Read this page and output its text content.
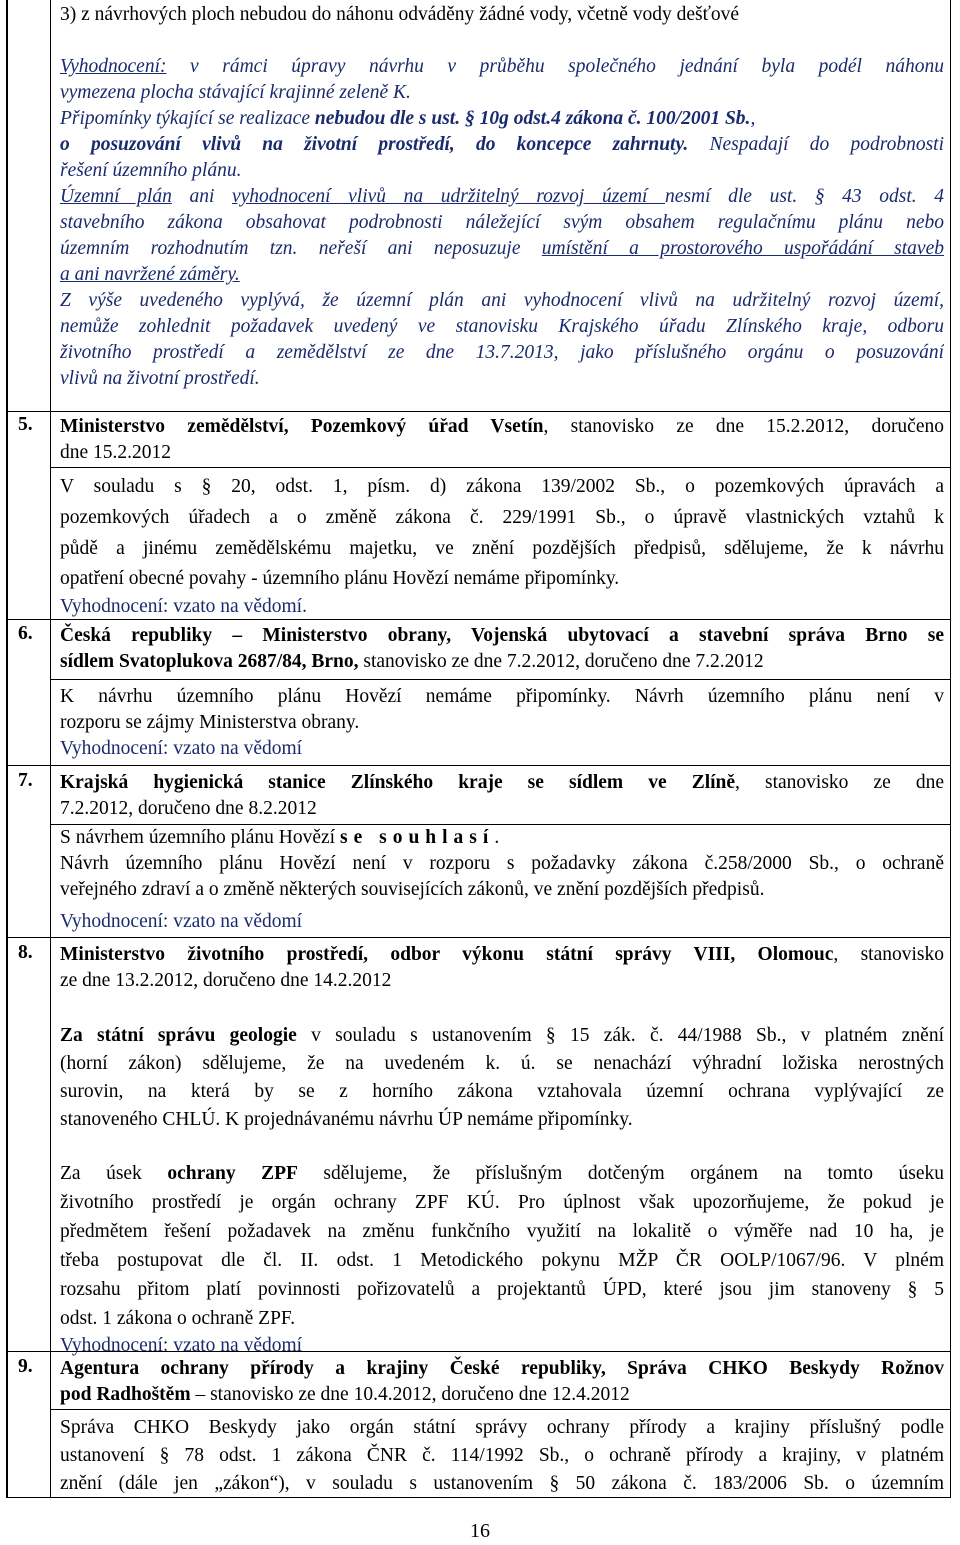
3) z návrhových ploch nebudou do náhonu odváděny žádné vody, včetně vody dešťové
Vyhodnocení: v rámci úpravy návrhu v průběhu společného jednání byla podél náhonu
vymezena plocha stávající krajinné zeleně K.
Připomínky týkající se realizace nebudou dle s ust. § 10g odst.4 zákona č. 100/2001 Sb.,
o posuzování vlivů na životní prostředí, do koncepce zahrnuty. Nespadají do podrobnosti
řešení územního plánu.
Územní plán ani vyhodnocení vlivů na udržitelný rozvoj území nesmí dle ust. § 43 odst. 4
stavebního zákona obsahovat podrobnosti náležející svým obsahem regulačnímu plánu nebo
územním rozhodnutím tzn. neřeší ani neposuzuje umístění a prostorového uspořádání staveb
a ani navržené záměry.
Z výše uvedeného vyplývá, že územní plán ani vyhodnocení vlivů na udržitelný rozvoj území,
nemůže zohlednit požadavek uvedený ve stanovisku Krajského úřadu Zlínského kraje, odboru
životního prostředí a zemědělství ze dne 13.7.2013, jako příslušného orgánu o posuzování
vlivů na životní prostředí.
5. Ministerstvo zemědělství, Pozemkový úřad Vsetín, stanovisko ze dne 15.2.2012, doručeno
dne 15.2.2012
V souladu s § 20, odst. 1, písm. d) zákona 139/2002 Sb., o pozemkových úpravách a
pozemkových úřadech a o změně zákona č. 229/1991 Sb., o úpravě vlastnických vztahů k
půdě a jinému zemědělskému majetku, ve znění pozdějších předpisů, sdělujeme, že k návrhu
opatření obecné povahy - územního plánu Hovězí nemáme připomínky.
Vyhodnocení: vzato na vědomí.
6. Česká republiky – Ministerstvo obrany, Vojenská ubytovací a stavební správa Brno se
sídlem Svatoplukova 2687/84, Brno, stanovisko ze dne 7.2.2012, doručeno dne 7.2.2012
K návrhu územního plánu Hovězí nemáme připomínky. Návrh územního plánu není v
rozporu se zájmy Ministerstva obrany.
Vyhodnocení: vzato na vědomí
7. Krajská hygienická stanice Zlínského kraje se sídlem ve Zlíně, stanovisko ze dne
7.2.2012, doručeno dne 8.2.2012
S návrhem územního plánu Hovězí se souhlasí.
Návrh územního plánu Hovězí není v rozporu s požadavky zákona č.258/2000 Sb., o ochraně
veřejného zdraví a o změně některých souvisejících zákonů, ve znění pozdějších předpisů.
Vyhodnocení: vzato na vědomí
8. Ministerstvo životního prostředí, odbor výkonu státní správy VIII, Olomouc, stanovisko
ze dne 13.2.2012, doručeno dne 14.2.2012
Za státní správu geologie v souladu s ustanovením § 15 zák. č. 44/1988 Sb., v platném znění
(horní zákon) sdělujeme, že na uvedeném k. ú. se nenachází výhradní ložiska nerostných
surovin, na která by se z horního zákona vztahovala územní ochrana vyplývající ze
stanoveného CHLÚ. K projednávanému návrhu ÚP nemáme připomínky.
Za úsek ochrany ZPF sdělujeme, že příslušným dotčeným orgánem na tomto úseku
životního prostředí je orgán ochrany ZPF KÚ. Pro úplnost však upozorňujeme, že pokud je
předmětem řešení požadavek na změnu funkčního využití na lokalitě o výměře nad 10 ha, je
třeba postupovat dle čl. II. odst. 1 Metodického pokynu MŽP ČR OOLP/1067/96. V plném
rozsahu přitom platí povinnosti pořizovatelů a projektantů ÚPD, které jsou jim stanoveny § 5
odst. 1 zákona o ochraně ZPF.
Vyhodnocení: vzato na vědomí
9. Agentura ochrany přírody a krajiny České republiky, Správa CHKO Beskydy Rožnov
pod Radhoštěm – stanovisko ze dne 10.4.2012, doručeno dne 12.4.2012
Správa CHKO Beskydy jako orgán státní správy ochrany přírody a krajiny příslušný podle
ustanovení § 78 odst. 1 zákona ČNR č. 114/1992 Sb., o ochraně přírody a krajiny, v platném
znění (dále jen „zákon“), v souladu s ustanovením § 50 zákona č. 183/2006 Sb. o územním
16
